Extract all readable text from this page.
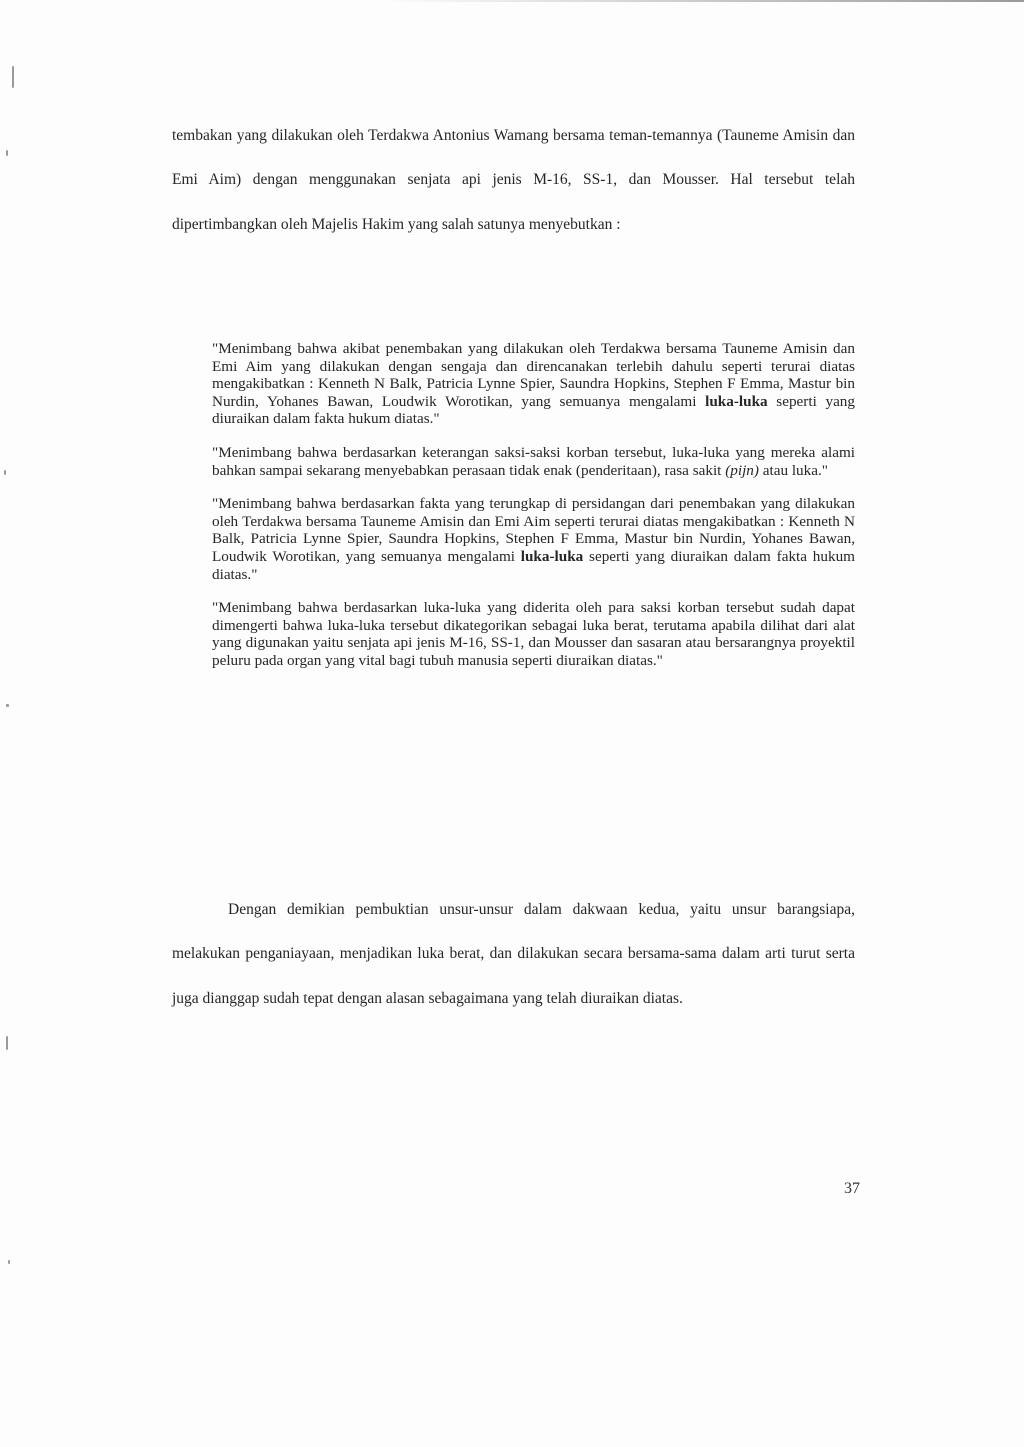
tembakan yang dilakukan oleh Terdakwa Antonius Wamang bersama teman-temannya (Tauneme Amisin dan Emi Aim) dengan menggunakan senjata api jenis M-16, SS-1, dan Mousser. Hal tersebut telah dipertimbangkan oleh Majelis Hakim yang salah satunya menyebutkan :

"Menimbang bahwa akibat penembakan yang dilakukan oleh Terdakwa bersama Tauneme Amisin dan Emi Aim yang dilakukan dengan sengaja dan direncanakan terlebih dahulu seperti terurai diatas mengakibatkan : Kenneth N Balk, Patricia Lynne Spier, Saundra Hopkins, Stephen F Emma, Mastur bin Nurdin, Yohanes Bawan, Loudwik Worotikan, yang semuanya mengalami luka-luka seperti yang diuraikan dalam fakta hukum diatas."

"Menimbang bahwa berdasarkan keterangan saksi-saksi korban tersebut, luka-luka yang mereka alami bahkan sampai sekarang menyebabkan perasaan tidak enak (penderitaan), rasa sakit (pijn) atau luka."

"Menimbang bahwa berdasarkan fakta yang terungkap di persidangan dari penembakan yang dilakukan oleh Terdakwa bersama Tauneme Amisin dan Emi Aim seperti terurai diatas mengakibatkan : Kenneth N Balk, Patricia Lynne Spier, Saundra Hopkins, Stephen F Emma, Mastur bin Nurdin, Yohanes Bawan, Loudwik Worotikan, yang semuanya mengalami luka-luka seperti yang diuraikan dalam fakta hukum diatas."

"Menimbang bahwa berdasarkan luka-luka yang diderita oleh para saksi korban tersebut sudah dapat dimengerti bahwa luka-luka tersebut dikategorikan sebagai luka berat, terutama apabila dilihat dari alat yang digunakan yaitu senjata api jenis M-16, SS-1, dan Mousser dan sasaran atau bersarangnya proyektil peluru pada organ yang vital bagi tubuh manusia seperti diuraikan diatas."

Dengan demikian pembuktian unsur-unsur dalam dakwaan kedua, yaitu unsur barangsiapa, melakukan penganiayaan, menjadikan luka berat, dan dilakukan secara bersama-sama dalam arti turut serta juga dianggap sudah tepat dengan alasan sebagaimana yang telah diuraikan diatas.

37
